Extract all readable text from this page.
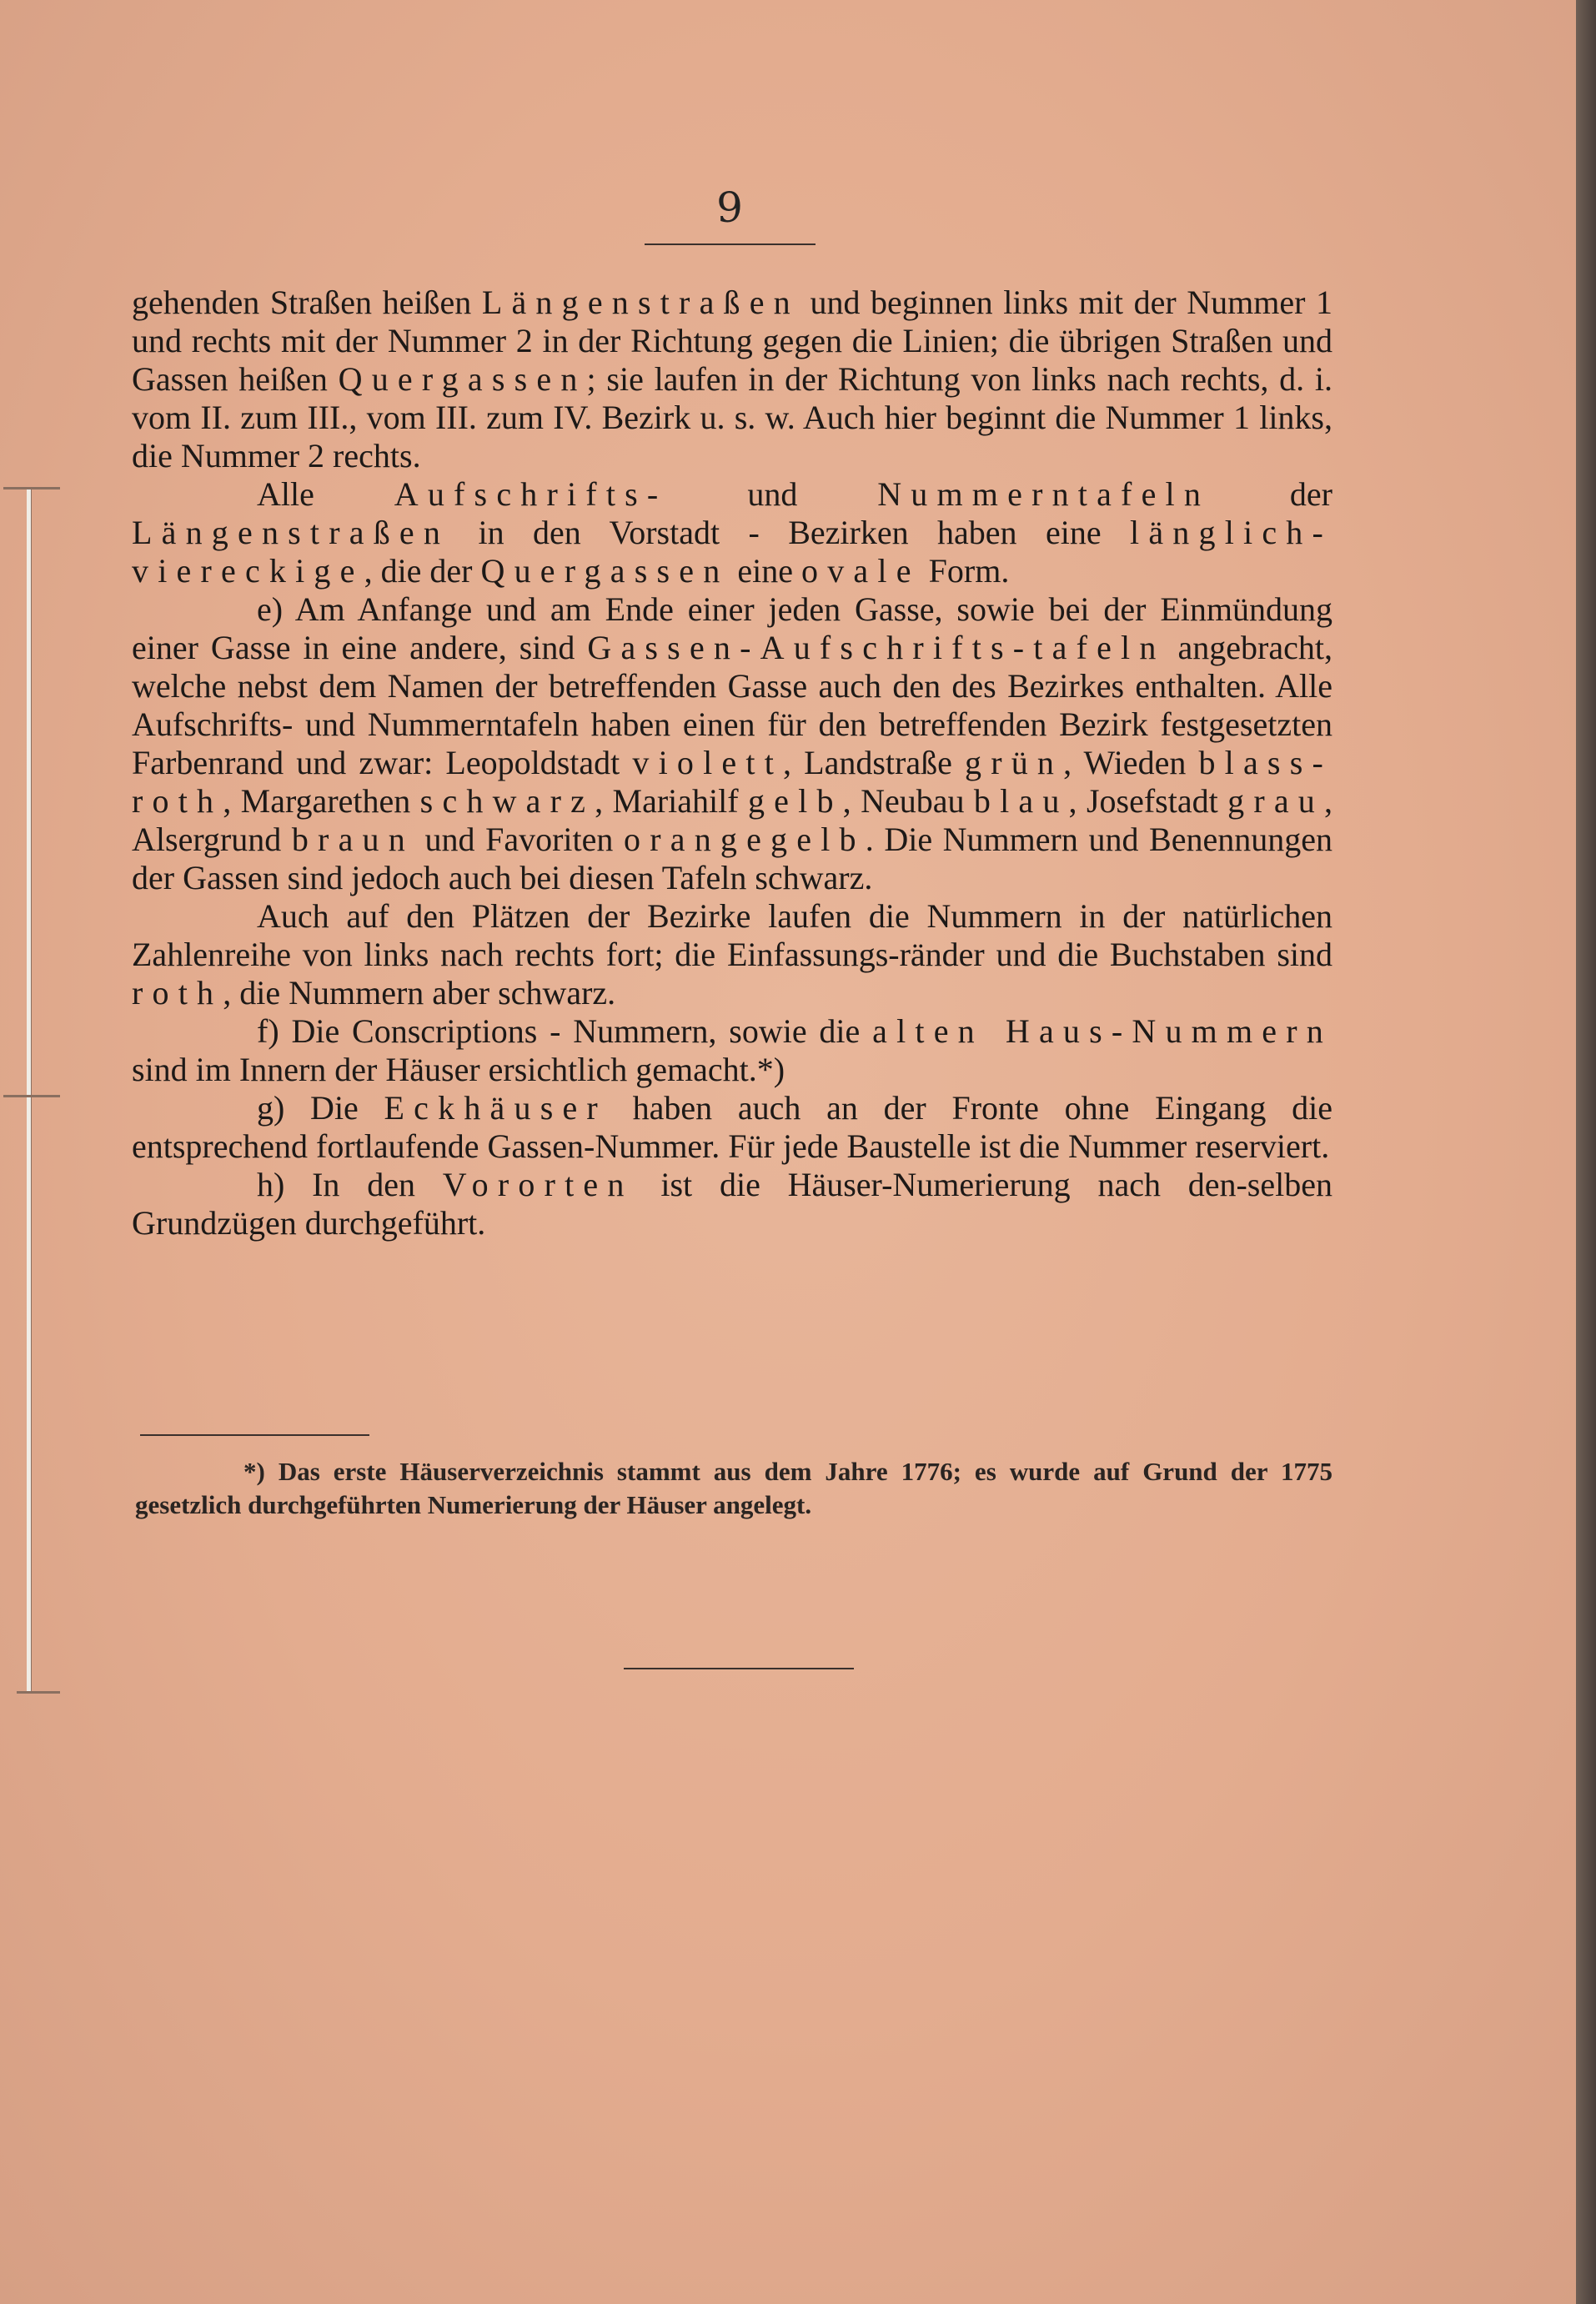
9

gehenden Straßen heißen Längenstraßen und beginnen links mit der Nummer 1 und rechts mit der Nummer 2 in der Richtung gegen die Linien; die übrigen Straßen und Gassen heißen Quergassen; sie laufen in der Richtung von links nach rechts, d. i. vom II. zum III., vom III. zum IV. Bezirk u. s. w. Auch hier beginnt die Nummer 1 links, die Nummer 2 rechts.

Alle Aufschrifts- und Nummerntafeln der Längenstraßen in den Vorstadt - Bezirken haben eine länglich-viereckige, die der Quergassen eine ovale Form.

e) Am Anfange und am Ende einer jeden Gasse, sowie bei der Einmündung einer Gasse in eine andere, sind Gassen-Aufschrifts-tafeln angebracht, welche nebst dem Namen der betreffenden Gasse auch den des Bezirkes enthalten. Alle Aufschrifts- und Nummerntafeln haben einen für den betreffenden Bezirk festgesetzten Farbenrand und zwar: Leopoldstadt violett, Landstraße grün, Wieden blass-roth, Margarethen schwarz, Mariahilf gelb, Neubau blau, Josefstadt grau, Alsergrund braun und Favoriten orangegelb. Die Nummern und Benennungen der Gassen sind jedoch auch bei diesen Tafeln schwarz.

Auch auf den Plätzen der Bezirke laufen die Nummern in der natürlichen Zahlenreihe von links nach rechts fort; die Einfassungs-ränder und die Buchstaben sind roth, die Nummern aber schwarz.

f) Die Conscriptions - Nummern, sowie die alten Haus-Nummern sind im Innern der Häuser ersichtlich gemacht.*)

g) Die Eckhäuser haben auch an der Fronte ohne Eingang die entsprechend fortlaufende Gassen-Nummer. Für jede Baustelle ist die Nummer reserviert.

h) In den Vororten ist die Häuser-Numerierung nach den-selben Grundzügen durchgeführt.

*) Das erste Häuserverzeichnis stammt aus dem Jahre 1776; es wurde auf Grund der 1775 gesetzlich durchgeführten Numerierung der Häuser angelegt.
